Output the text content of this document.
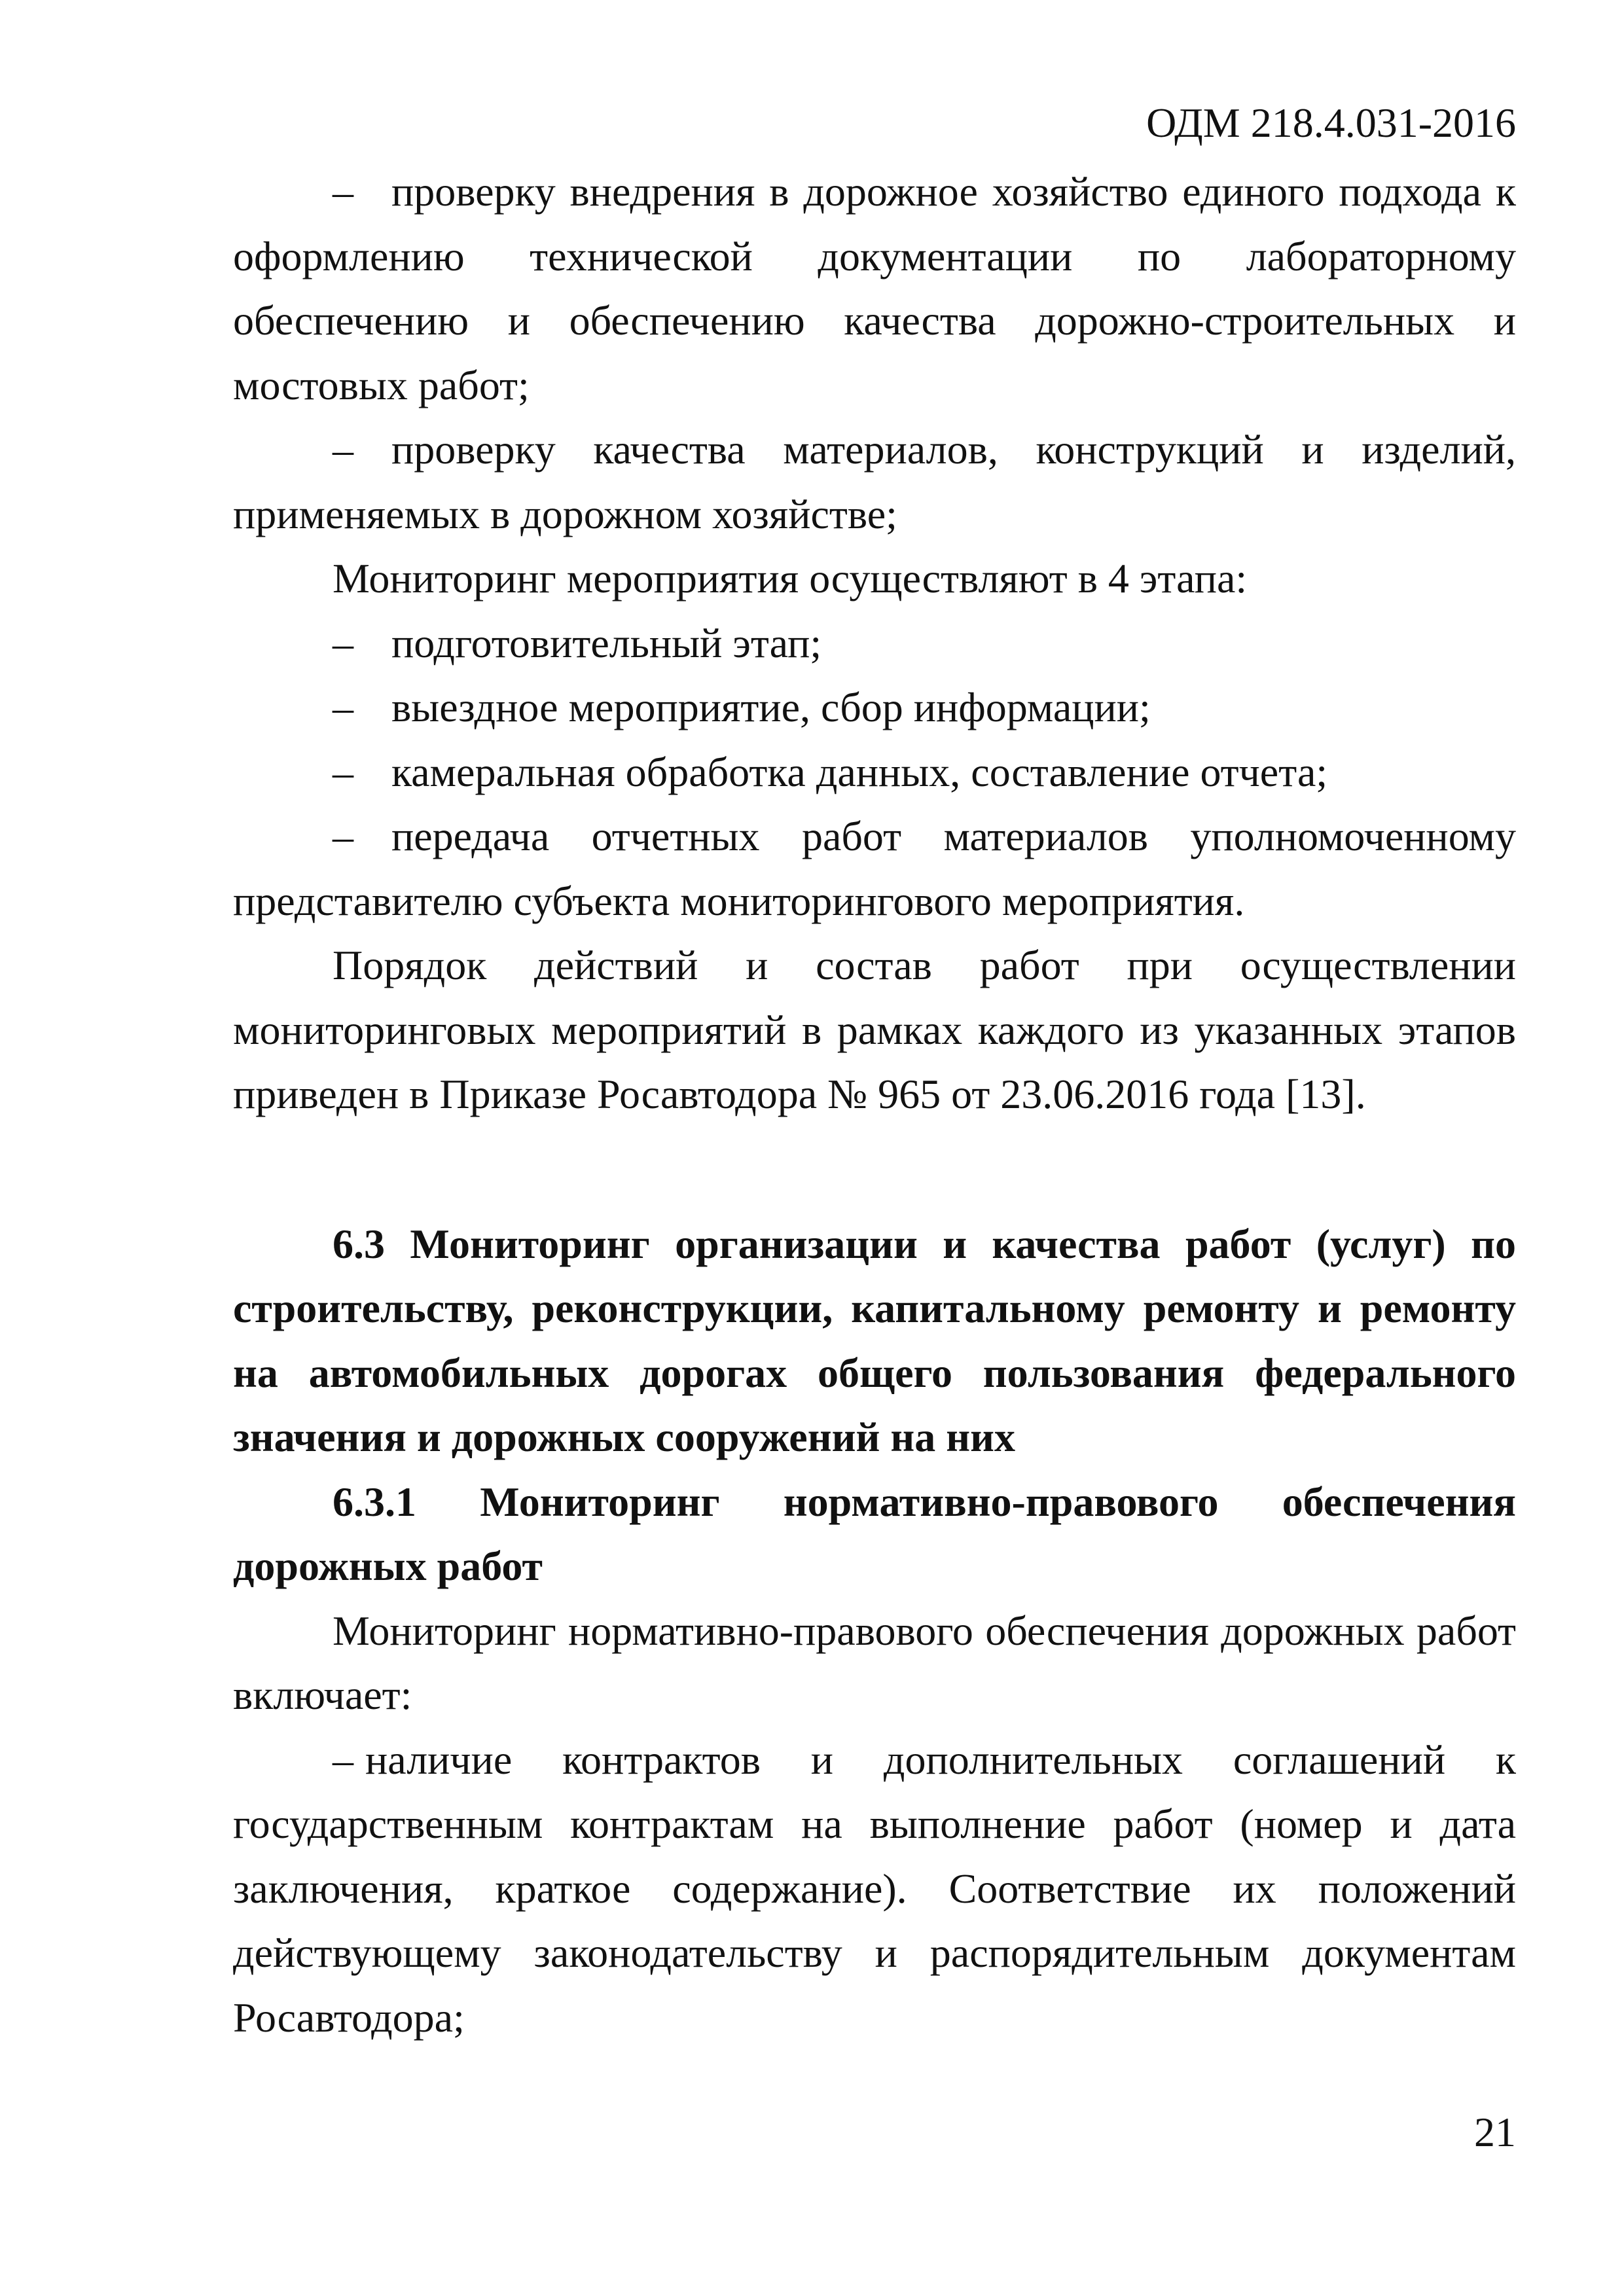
ОДМ 218.4.031-2016

– проверку внедрения в дорожное хозяйство единого подхода к оформлению технической документации по лабораторному обеспечению и обеспечению качества дорожно-строительных и мостовых работ;

– проверку качества материалов, конструкций и изделий, применяемых в дорожном хозяйстве;

Мониторинг мероприятия осуществляют в 4 этапа:

– подготовительный этап;

– выездное мероприятие, сбор информации;

– камеральная обработка данных, составление отчета;

– передача отчетных работ материалов уполномоченному представителю субъекта мониторингового мероприятия.

Порядок действий и состав работ при осуществлении мониторинговых мероприятий в рамках каждого из указанных этапов приведен в Приказе Росавтодора № 965 от 23.06.2016 года [13].

6.3 Мониторинг организации и качества работ (услуг) по строительству, реконструкции, капитальному ремонту и ремонту на автомобильных дорогах общего пользования федерального значения и дорожных сооружений на них

6.3.1 Мониторинг нормативно-правового обеспечения дорожных работ

Мониторинг нормативно-правового обеспечения дорожных работ включает:

– наличие контрактов и дополнительных соглашений к государственным контрактам на выполнение работ (номер и дата заключения, краткое содержание). Соответствие их положений действующему законодательству и распорядительным документам Росавтодора;

21
